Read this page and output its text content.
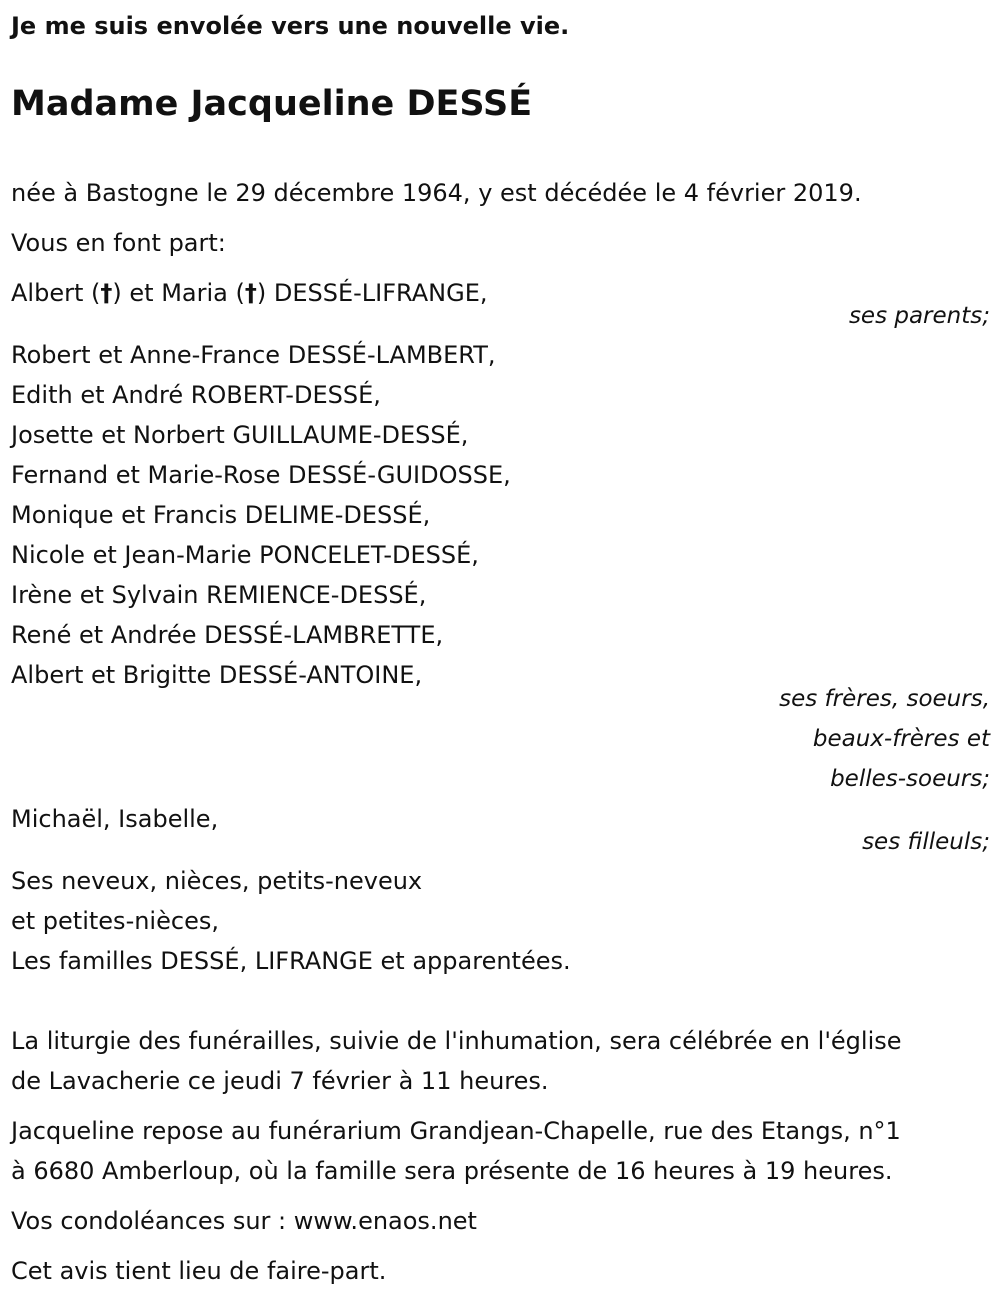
Je me suis envolée vers une nouvelle vie.
Madame Jacqueline DESSÉ
née à Bastogne le 29 décembre 1964, y est décédée le 4 février 2019.
Vous en font part:
Albert (†) et Maria (†) DESSÉ-LIFRANGE,
ses parents;
Robert et Anne-France DESSÉ-LAMBERT,
Edith et André ROBERT-DESSÉ,
Josette et Norbert GUILLAUME-DESSÉ,
Fernand et Marie-Rose DESSÉ-GUIDOSSE,
Monique et Francis DELIME-DESSÉ,
Nicole et Jean-Marie PONCELET-DESSÉ,
Irène et Sylvain REMIENCE-DESSÉ,
René et Andrée DESSÉ-LAMBRETTE,
Albert et Brigitte DESSÉ-ANTOINE,
ses frères, soeurs,
beaux-frères et
belles-soeurs;
Michaël, Isabelle,
ses filleuls;
Ses neveux, nièces, petits-neveux
et petites-nièces,
Les familles DESSÉ, LIFRANGE et apparentées.
La liturgie des funérailles, suivie de l'inhumation, sera célébrée en l'église
de Lavacherie ce jeudi 7 février à 11 heures.
Jacqueline repose au funérarium Grandjean-Chapelle, rue des Etangs, n°1
à 6680 Amberloup, où la famille sera présente de 16 heures à 19 heures.
Vos condoléances sur : www.enaos.net
Cet avis tient lieu de faire-part.
